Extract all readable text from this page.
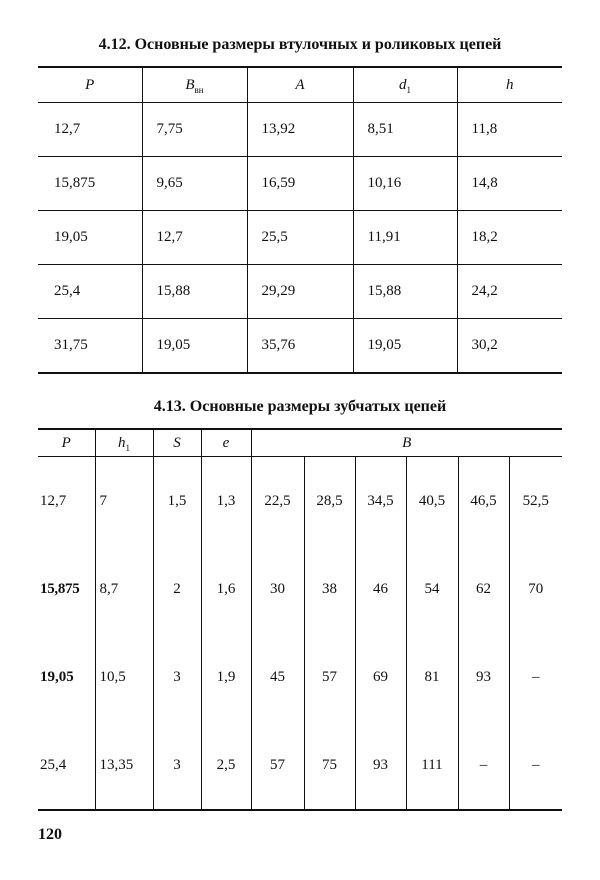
4.12. Основные размеры втулочных и роликовых цепей
P	$B_{вн}$	A	$d_1$	h
12,7	7,75	13,92	8,51	11,8
15,875	9,65	16,59	10,16	14,8
19,05	12,7	25,5	11,91	18,2
25,4	15,88	29,29	15,88	24,2
31,75	19,05	35,76	19,05	30,2
4.13. Основные размеры зубчатых цепей
P	$h_1$	S	e	B					
12,7	7	1,5	1,3	22,5	28,5	34,5	40,5	46,5	52,5
15,875	8,7	2	1,6	30	38	46	54	62	70
19,05	10,5	3	1,9	45	57	69	81	93	–
25,4	13,35	3	2,5	57	75	93	111	–	–
120
